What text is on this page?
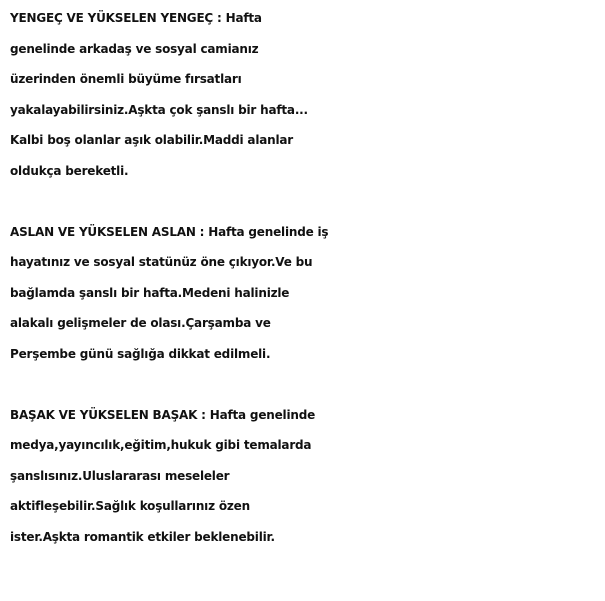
YENGEÇ VE YÜKSELEN YENGEÇ : Hafta
genelinde arkadaş ve sosyal camianız
üzerinden önemli büyüme fırsatları
yakalayabilirsiniz.Aşkta çok şanslı bir hafta...
Kalbi boş olanlar aşık olabilir.Maddi alanlar
oldukça bereketli.
ASLAN VE YÜKSELEN ASLAN : Hafta genelinde iş
hayatınız ve sosyal statünüz öne çıkıyor.Ve bu
bağlamda şanslı bir hafta.Medeni halinizle
alakalı gelişmeler de olası.Çarşamba ve
Perşembe günü sağlığa dikkat edilmeli.
BAŞAK VE YÜKSELEN BAŞAK : Hafta genelinde
medya,yayıncılık,eğitim,hukuk gibi temalarda
şanslısınız.Uluslararası meseleler
aktifleşebilir.Sağlık koşullarınız özen
ister.Aşkta romantik etkiler beklenebilir.
